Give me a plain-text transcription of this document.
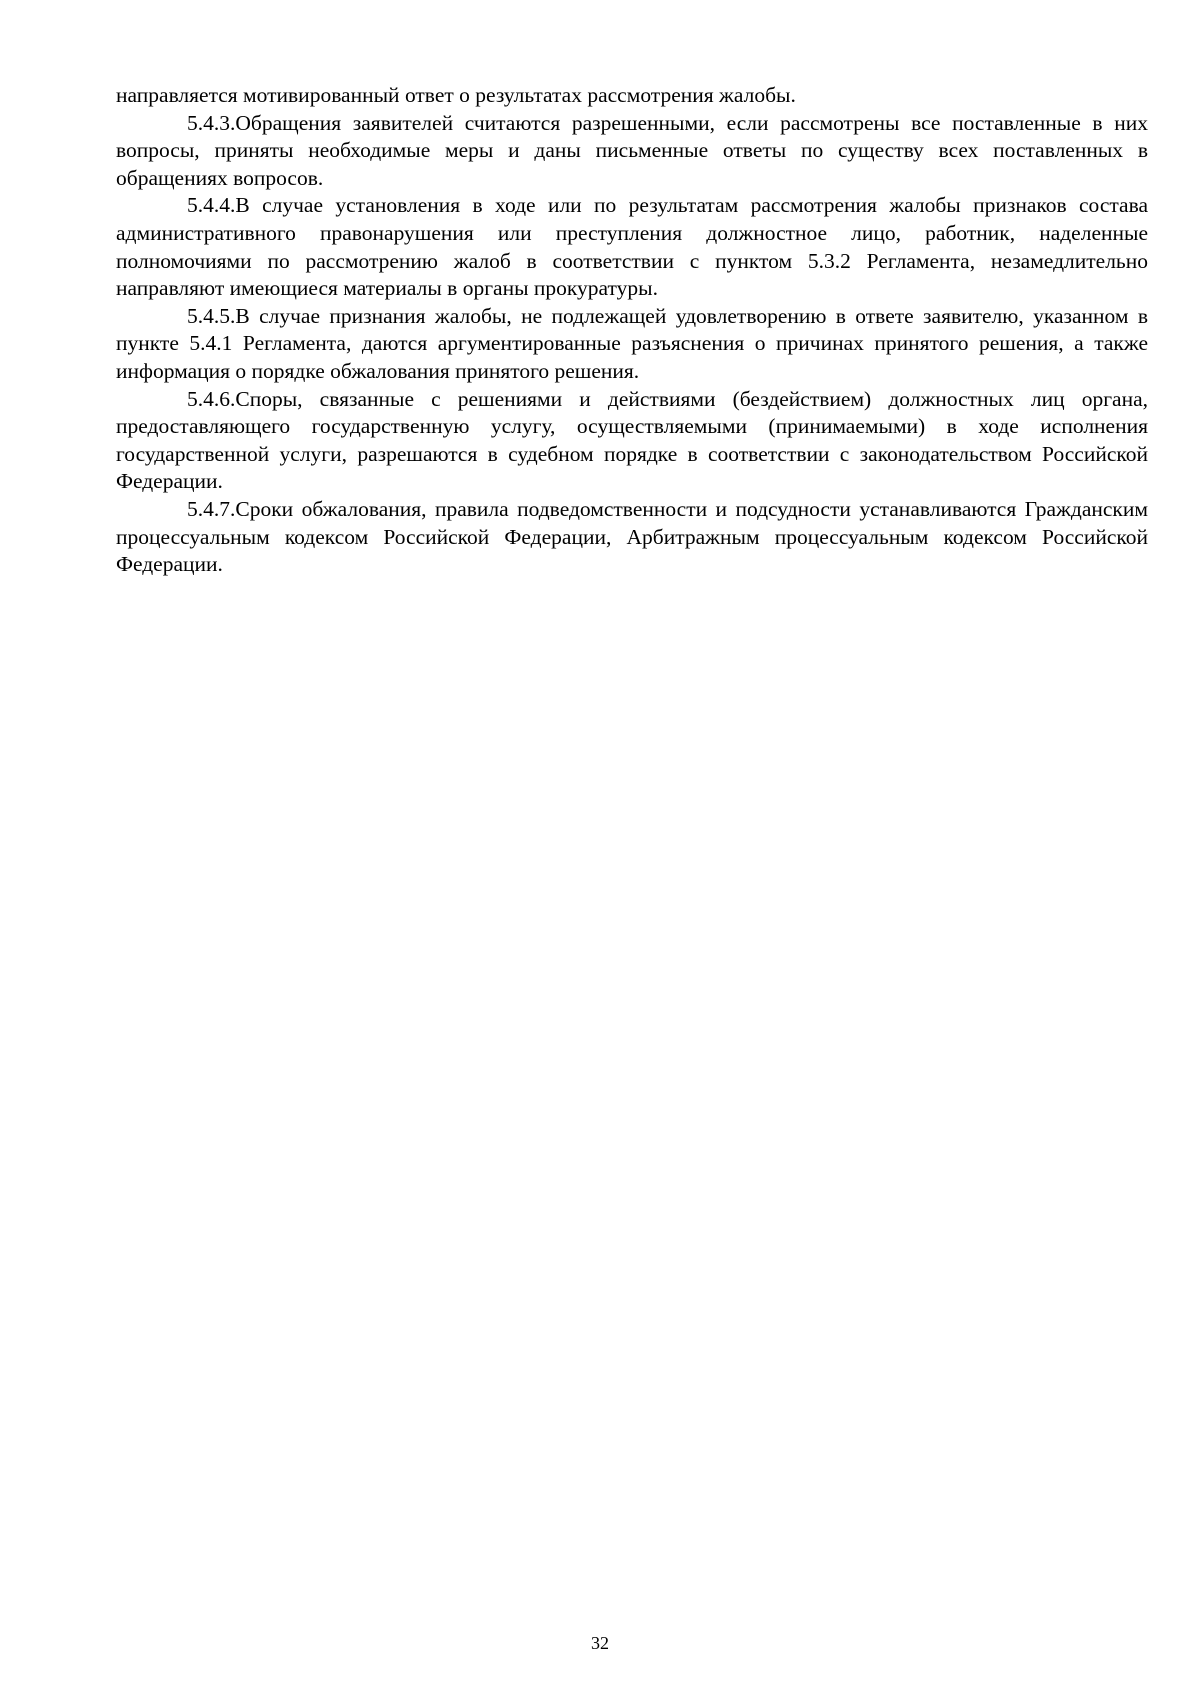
направляется мотивированный ответ о результатах рассмотрения жалобы.

5.4.3.Обращения заявителей считаются разрешенными, если рассмотрены все поставленные в них вопросы, приняты необходимые меры и даны письменные ответы по существу всех поставленных в обращениях вопросов.

5.4.4.В случае установления в ходе или по результатам рассмотрения жалобы признаков состава административного правонарушения или преступления должностное лицо, работник, наделенные полномочиями по рассмотрению жалоб в соответствии с пунктом 5.3.2 Регламента, незамедлительно направляют имеющиеся материалы в органы прокуратуры.

5.4.5.В случае признания жалобы, не подлежащей удовлетворению в ответе заявителю, указанном в пункте 5.4.1 Регламента, даются аргументированные разъяснения о причинах принятого решения, а также информация о порядке обжалования принятого решения.

5.4.6.Споры, связанные с решениями и действиями (бездействием) должностных лиц органа, предоставляющего государственную услугу, осуществляемыми (принимаемыми) в ходе исполнения государственной услуги, разрешаются в судебном порядке в соответствии с законодательством Российской Федерации.

5.4.7.Сроки обжалования, правила подведомственности и подсудности устанавливаются Гражданским процессуальным кодексом Российской Федерации, Арбитражным процессуальным кодексом Российской Федерации.

32
